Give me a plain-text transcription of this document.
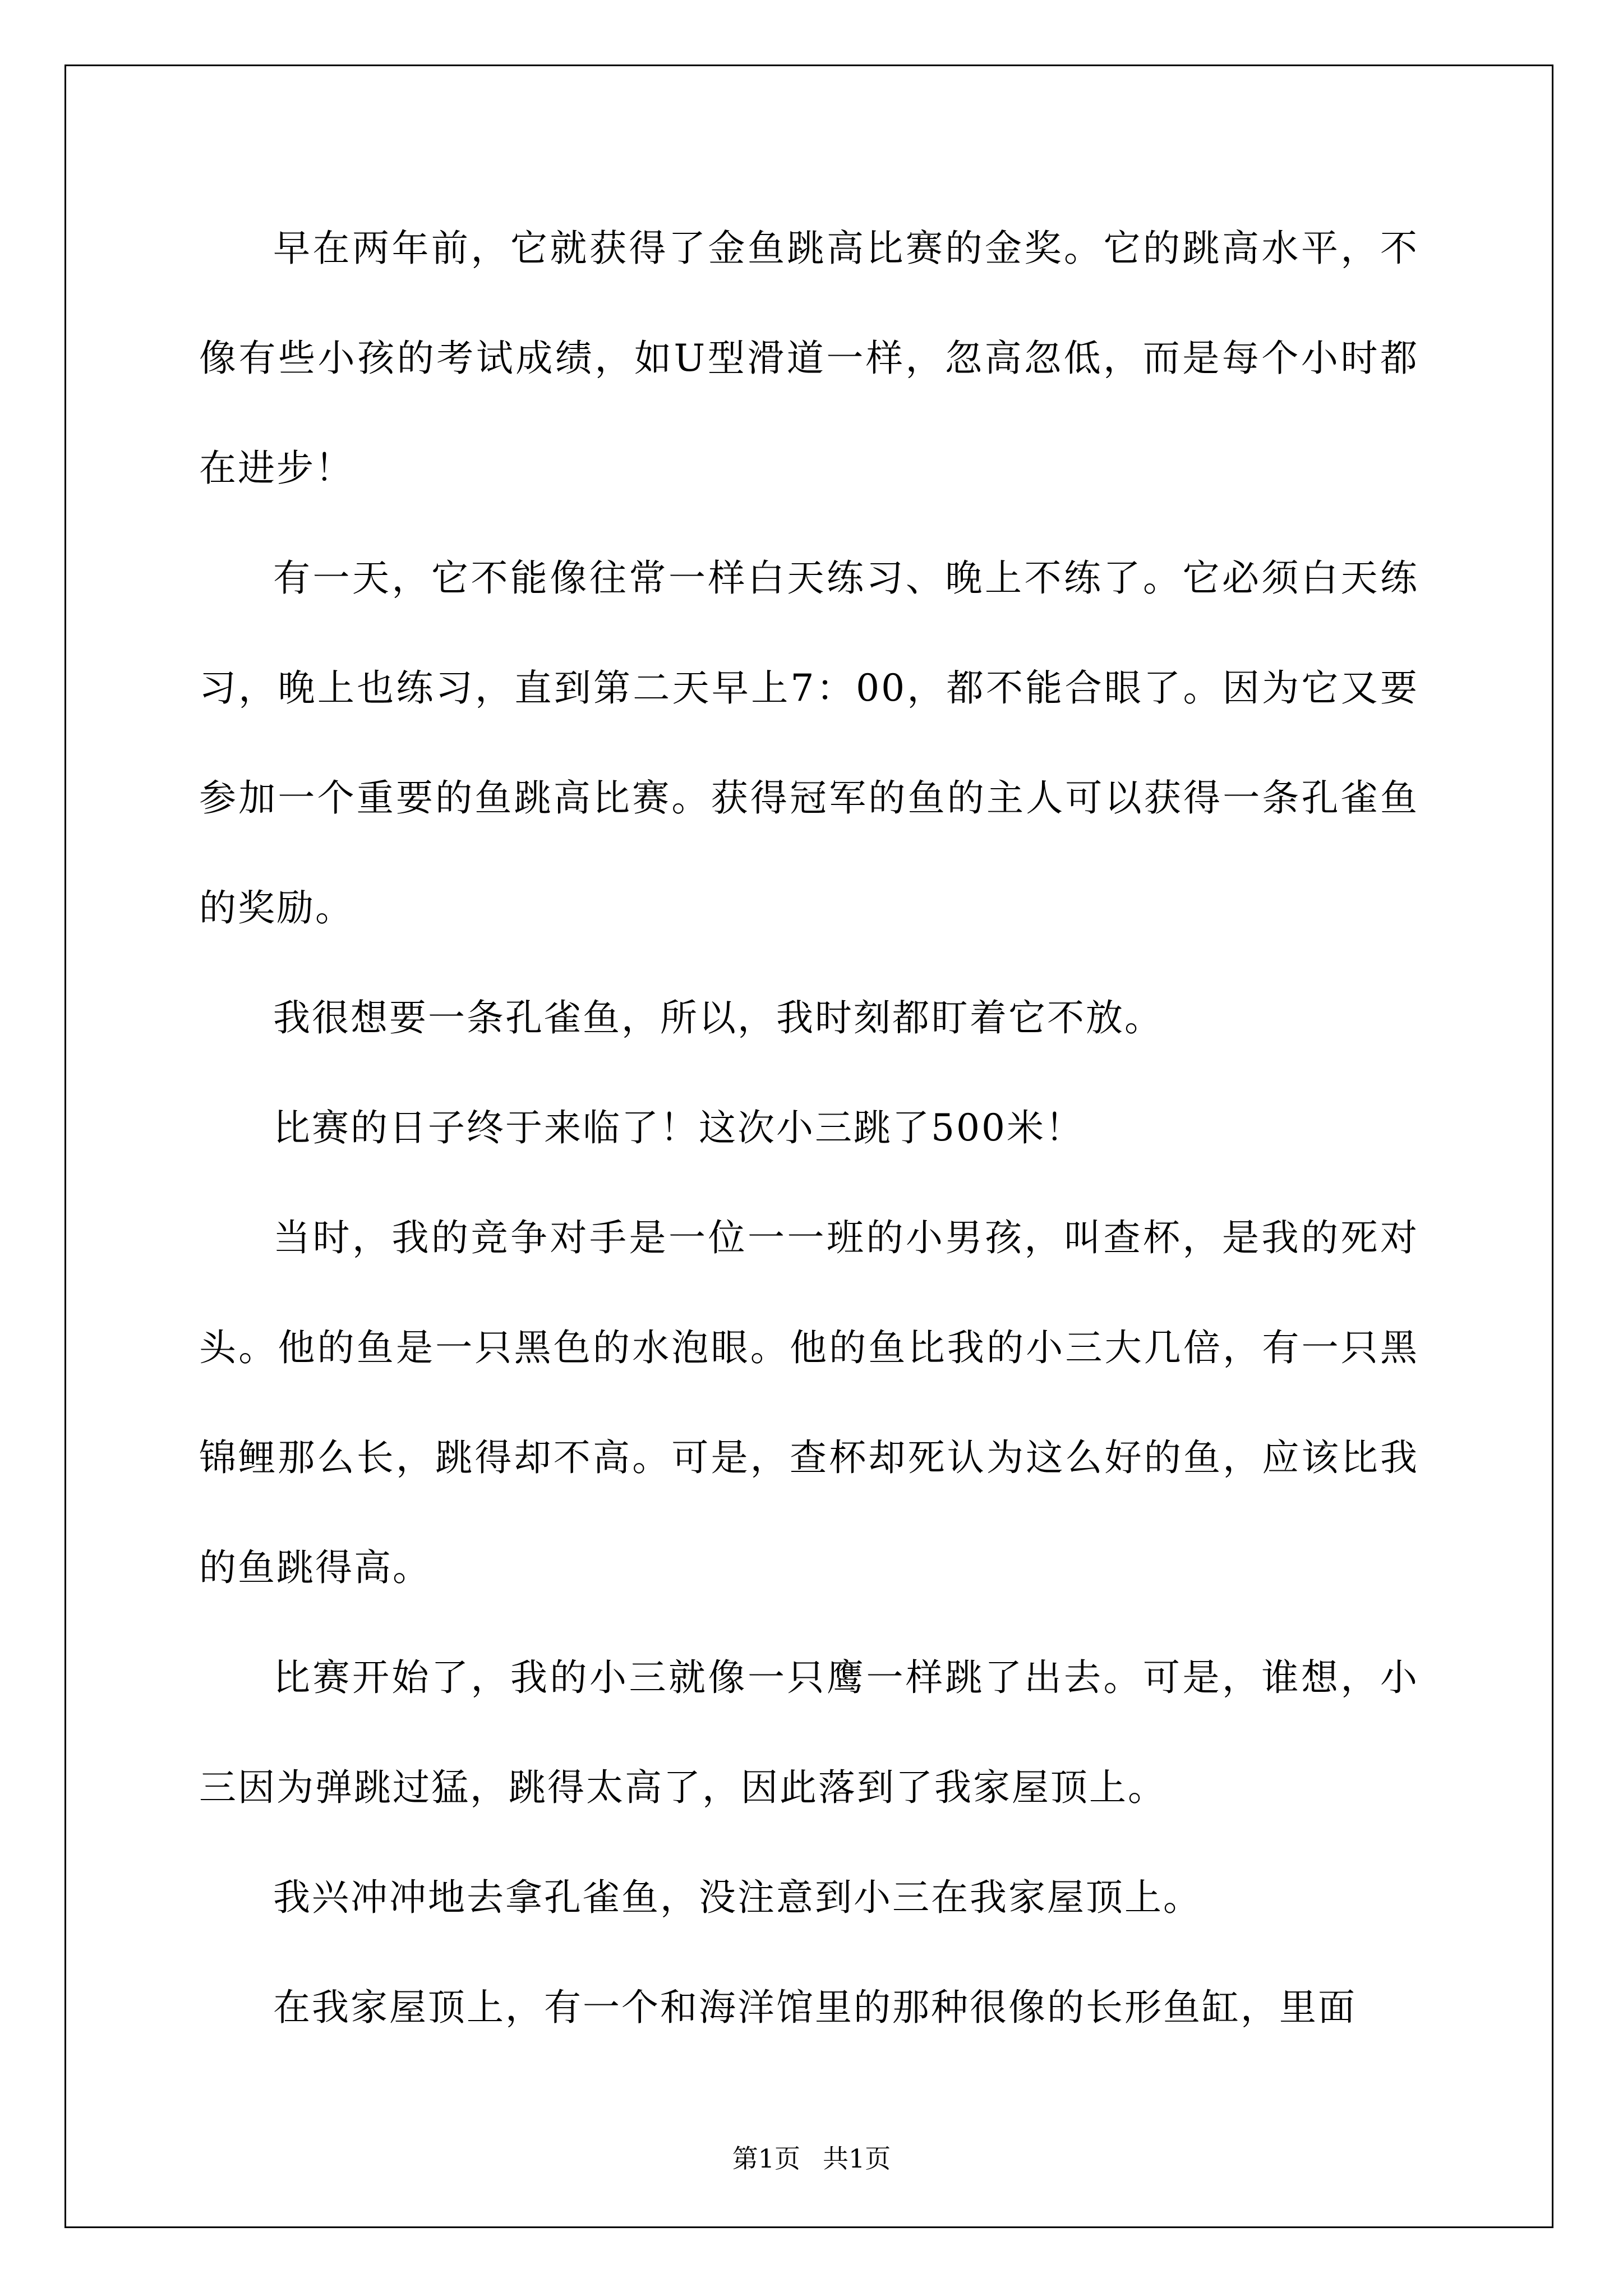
早在两年前，它就获得了金鱼跳高比赛的金奖。它的跳高水平，不像有些小孩的考试成绩，如U型滑道一样，忽高忽低，而是每个小时都在进步！

有一天，它不能像往常一样白天练习、晚上不练了。它必须白天练习，晚上也练习，直到第二天早上7：00，都不能合眼了。因为它又要参加一个重要的鱼跳高比赛。获得冠军的鱼的主人可以获得一条孔雀鱼的奖励。

我很想要一条孔雀鱼，所以，我时刻都盯着它不放。

比赛的日子终于来临了！这次小三跳了500米！

当时，我的竞争对手是一位一一班的小男孩，叫查杯，是我的死对头。他的鱼是一只黑色的水泡眼。他的鱼比我的小三大几倍，有一只黑锦鲤那么长，跳得却不高。可是，查杯却死认为这么好的鱼，应该比我的鱼跳得高。

比赛开始了，我的小三就像一只鹰一样跳了出去。可是，谁想，小三因为弹跳过猛，跳得太高了，因此落到了我家屋顶上。

我兴冲冲地去拿孔雀鱼，没注意到小三在我家屋顶上。

在我家屋顶上，有一个和海洋馆里的那种很像的长形鱼缸，里面

第1页 共1页
